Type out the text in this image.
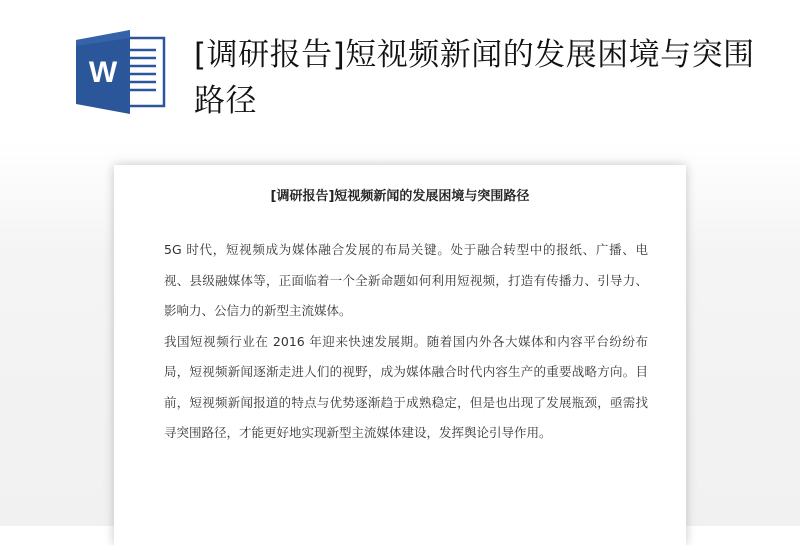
W [调研报告]短视频新闻的发展困境与突围路径

[调研报告]短视频新闻的发展困境与突围路径

5G 时代，短视频成为媒体融合发展的布局关键。处于融合转型中的报纸、广播、电视、县级融媒体等，正面临着一个全新命题如何利用短视频，打造有传播力、引导力、影响力、公信力的新型主流媒体。

我国短视频行业在 2016 年迎来快速发展期。随着国内外各大媒体和内容平台纷纷布局，短视频新闻逐渐走进人们的视野，成为媒体融合时代内容生产的重要战略方向。目前，短视频新闻报道的特点与优势逐渐趋于成熟稳定，但是也出现了发展瓶颈，亟需找寻突围路径，才能更好地实现新型主流媒体建设，发挥舆论引导作用。
